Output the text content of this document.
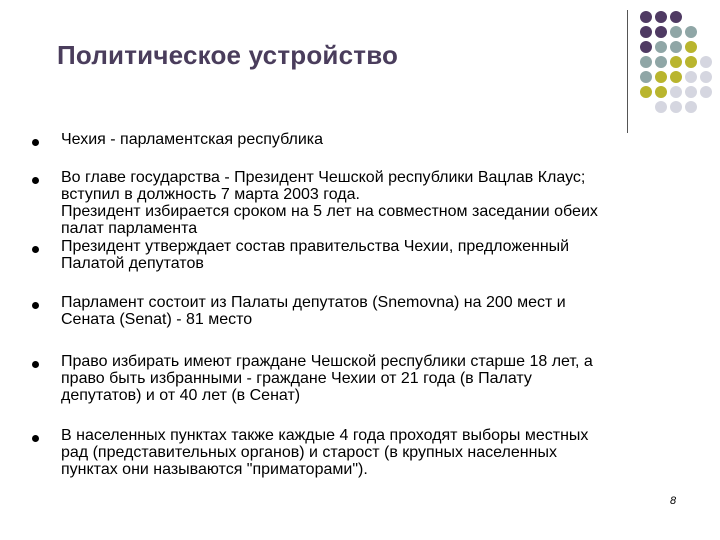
Политическое устройство
Чехия - парламентская республика
Во главе государства - Президент Чешской республики Вацлав Клаус;
вступил в должность 7 марта 2003 года.
Президент избирается сроком на 5 лет на совместном заседании обеих
палат парламента
Президент утверждает состав правительства Чехии, предложенный
Палатой депутатов
Парламент состоит из Палаты депутатов (Snemovna) на 200 мест и
Сената (Senat) - 81 место
Право избирать имеют граждане Чешской республики старше 18 лет, а
право быть избранными - граждане Чехии от 21 года (в Палату
депутатов) и от 40 лет (в Сенат)
В населенных пунктах также каждые 4 года проходят выборы местных
рад (представительных органов) и старост (в крупных населенных
пунктах они называются "приматорами").
8
